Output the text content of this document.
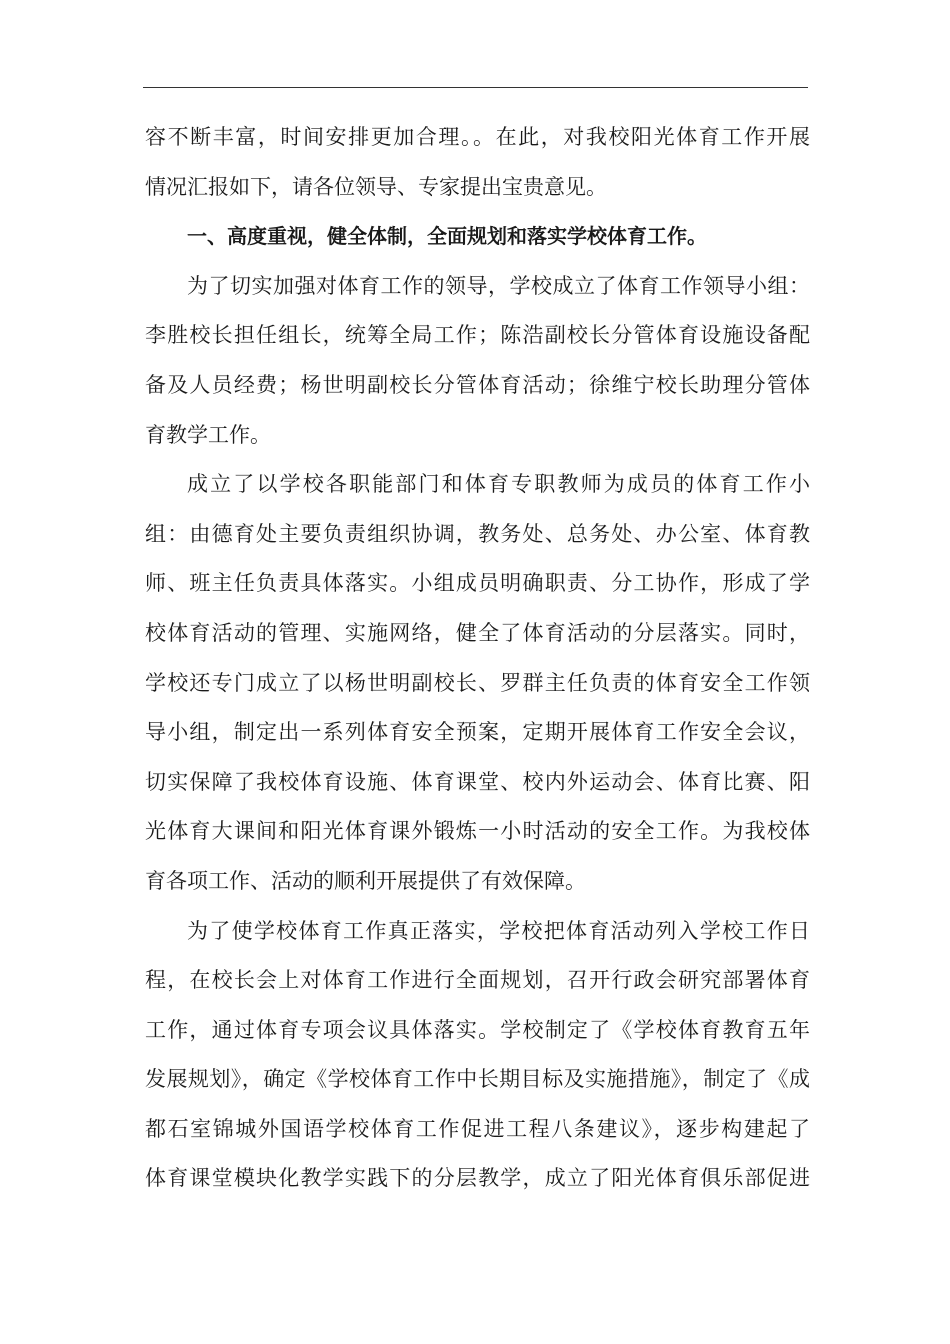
容不断丰富，时间安排更加合理。。在此，对我校阳光体育工作开展
情况汇报如下，请各位领导、专家提出宝贵意见。
一、高度重视，健全体制，全面规划和落实学校体育工作。
为了切实加强对体育工作的领导，学校成立了体育工作领导小组：
李胜校长担任组长，统筹全局工作；陈浩副校长分管体育设施设备配
备及人员经费；杨世明副校长分管体育活动；徐维宁校长助理分管体
育教学工作。
成立了以学校各职能部门和体育专职教师为成员的体育工作小
组：由德育处主要负责组织协调，教务处、总务处、办公室、体育教
师、班主任负责具体落实。小组成员明确职责、分工协作，形成了学
校体育活动的管理、实施网络，健全了体育活动的分层落实。同时，
学校还专门成立了以杨世明副校长、罗群主任负责的体育安全工作领
导小组，制定出一系列体育安全预案，定期开展体育工作安全会议，
切实保障了我校体育设施、体育课堂、校内外运动会、体育比赛、阳
光体育大课间和阳光体育课外锻炼一小时活动的安全工作。为我校体
育各项工作、活动的顺利开展提供了有效保障。
为了使学校体育工作真正落实，学校把体育活动列入学校工作日
程，在校长会上对体育工作进行全面规划，召开行政会研究部署体育
工作，通过体育专项会议具体落实。学校制定了《学校体育教育五年
发展规划》，确定《学校体育工作中长期目标及实施措施》，制定了《成
都石室锦城外国语学校体育工作促进工程八条建议》，逐步构建起了
体育课堂模块化教学实践下的分层教学，成立了阳光体育俱乐部促进
